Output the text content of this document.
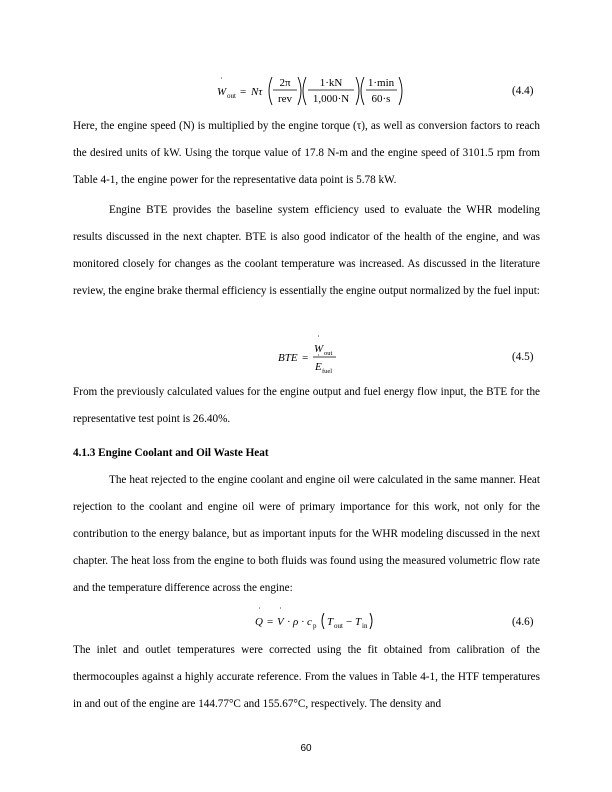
W
˙
out = Nτ
2π
rev
1·kN
1,000·N
1·min
60·s
(4.4)

Here, the engine speed (N) is multiplied by the engine torque (τ), as well as conversion factors to reach the desired units of kW. Using the torque value of 17.8 N-m and the engine speed of 3101.5 rpm from Table 4-1, the engine power for the representative data point is 5.78 kW.

Engine BTE provides the baseline system efficiency used to evaluate the WHR modeling results discussed in the next chapter. BTE is also good indicator of the health of the engine, and was monitored closely for changes as the coolant temperature was increased. As discussed in the literature review, the engine brake thermal efficiency is essentially the engine output normalized by the fuel input:

BTE =
W
˙
out
E
˙
fuel
(4.5)

From the previously calculated values for the engine output and fuel energy flow input, the BTE for the representative test point is 26.40%.

4.1.3 Engine Coolant and Oil Waste Heat

The heat rejected to the engine coolant and engine oil were calculated in the same manner. Heat rejection to the coolant and engine oil were of primary importance for this work, not only for the contribution to the energy balance, but as important inputs for the WHR modeling discussed in the next chapter. The heat loss from the engine to both fluids was found using the measured volumetric flow rate and the temperature difference across the engine:

Q
˙
= V
˙
· ρ · c p T out − T in	(4.6)

The inlet and outlet temperatures were corrected using the fit obtained from calibration of the thermocouples against a highly accurate reference. From the values in Table 4-1, the HTF temperatures in and out of the engine are 144.77°C and 155.67°C, respectively. The density and

60
